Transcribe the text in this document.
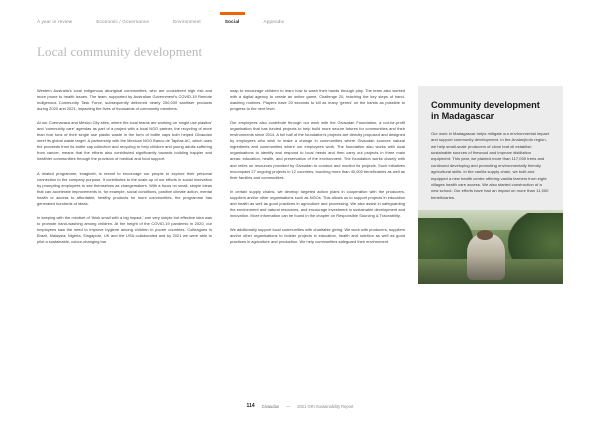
A year in review	Economic / Governance	Environment	Social	Appendix
Local community development

Western Australia's local indigenous aboriginal communities, who are considered high risk and more prone to health issues. The team, supported by Australian Government's COVID-19 Remote Indigenous Community Task Force, subsequently delivered nearly 250,000 sanitiser products during 2020 and 2021, impacting the lives of thousands of community members.

At our Cuernavaca and Mexico City sites, where the local teams are working on 'single use plastics' and 'community care' agendas as part of a project with a local NGO partner, the recycling of more than four tons of their single use plastic waste in the form of bottle caps both helped Givaudan meet its global waste target. A partnership with the Mexican NGO Banco de Tapitas AC, which uses the proceeds from its bottle cap collection and recycling to help children and young adults suffering from cancer, means that the efforts also contributed significantly towards building happier and healthier communities through the provision of medical and food support.

A related programme, imagineit, is meant to encourage our people to explore their personal connection to the company purpose. It contributes to the scale-up of our efforts in social innovation by prompting employees to see themselves as changemakers. With a focus on small, simple ideas that can accelerate improvements in, for example, social conditions, positive climate action, mental health or access to affordable, healthy products for more communities, the programme has generated hundreds of ideas.

In keeping with the mindset of 'think small with a big impact,' one very simple but effective idea was to promote hand-washing among children. At the height of the COVID-19 pandemic in 2020, our employees saw the need to improve hygiene among children in poorer countries. Colleagues in Brazil, Malaysia, Nigeria, Singapore, UK and the USA collaborated and by 2021 we were able to pilot a sustainable, colour-changing bar

soap to encourage children to learn how to wash their hands through play. The team also worked with a digital agency to create an online game, Challenge 20, teaching the key steps of hand-washing routines. Players have 20 seconds to kill as many 'germs' on the hands as possible to progress to the next level.

Our employees also contribute through our work with the Givaudan Foundation, a not-for-profit organisation that has funded projects to help build more secure futures for communities and their environments since 2014. A full half of the foundation's projects are directly proposed and designed by employees who wish to make a change in communities where Givaudan sources natural ingredients and communities where our employees work. The foundation also works with local organisations to identify and respond to local needs and then carry out projects in three main areas: education, health, and preservation of the environment. The foundation works closely with and relies on resources provided by Givaudan to conduct and monitor its projects. Such initiatives encompass 27 ongoing projects in 12 countries, touching more than 40,000 beneficiaries as well as their families and communities.

In certain supply chains, we develop targeted action plans in cooperation with the producers, suppliers and/or other organisations such as NGOs. This allows us to support projects in education and health as well as good practices in agriculture and processing. We also assist in safeguarding the environment and natural resources, and encourage investment in sustainable development and innovation. More information can be found in the chapter on Responsible Sourcing & Traceability.

We additionally support local communities with charitable giving. We work with producers, suppliers and/or other organisations to bolster projects in education, health and nutrition as well as good practices in agriculture and production. We help communities safeguard their environment

Community development in Madagascar
Our work in Madagascar helps mitigate our environmental impact and support community development. In the Analanjirofo region, we help small-scale producers of clove leaf oil establish sustainable sources of firewood and improve distillation equipment. This year, we planted more than 117,000 trees and continued developing and promoting environmentally friendly agricultural skills. In the vanilla supply chain, we built and equipped a new health centre offering vanilla farmers from eight villages health care access. We also started construction of a new school. Our efforts have had an impact on more than 11,000 beneficiaries.
114 Givaudan — 2021 GRI Sustainability Report
